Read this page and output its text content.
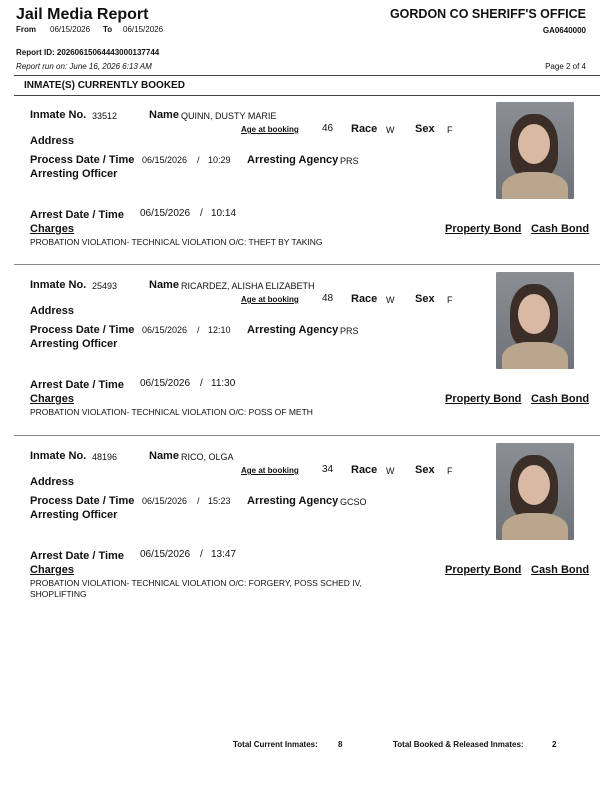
Jail Media Report
From 06/15/2026 To 06/15/2026
GORDON CO SHERIFF'S OFFICE
GA0640000
Report ID: 20260615064443000137744
Report run on: June 16, 2026 6:13 AM	Page 2 of 4
INMATE(S) CURRENTLY BOOKED
Inmate No. 33512	Name QUINN, DUSTY MARIE
Age at booking 46 Race W Sex F
Address
Process Date / Time 06/15/2026 / 10:29 Arresting Agency PRS
Arresting Officer
Arrest Date / Time 06/15/2026 / 10:14
Charges	Property Bond Cash Bond
PROBATION VIOLATION- TECHNICAL VIOLATION O/C: THEFT BY TAKING
Inmate No. 25493	Name RICARDEZ, ALISHA ELIZABETH
Age at booking 48 Race W Sex F
Address
Process Date / Time 06/15/2026 / 12:10 Arresting Agency PRS
Arresting Officer
Arrest Date / Time 06/15/2026 / 11:30
Charges	Property Bond Cash Bond
PROBATION VIOLATION- TECHNICAL VIOLATION O/C: POSS OF METH
Inmate No. 48196	Name RICO, OLGA
Age at booking 34 Race W Sex F
Address
Process Date / Time 06/15/2026 / 15:23 Arresting Agency GCSO
Arresting Officer
Arrest Date / Time 06/15/2026 / 13:47
Charges	Property Bond Cash Bond
PROBATION VIOLATION- TECHNICAL VIOLATION O/C: FORGERY, POSS SCHED IV,
SHOPLIFTING
Total Current Inmates:	8	Total Booked & Released Inmates:	2
